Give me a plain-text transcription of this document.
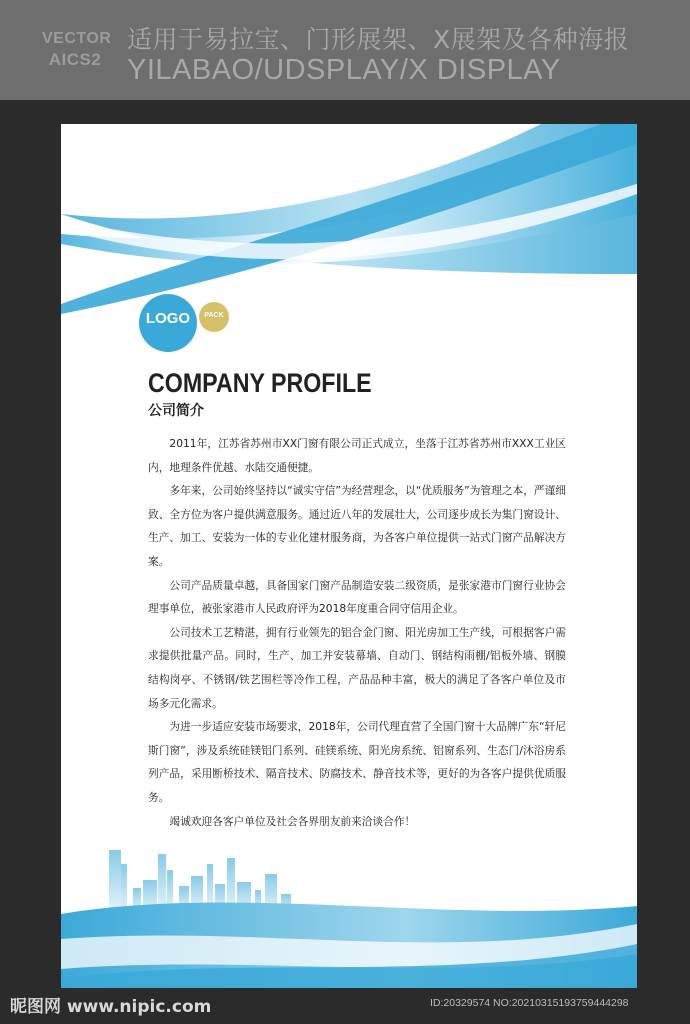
VECTOR
AICS2
适用于易拉宝、门形展架、X展架及各种海报
YILABAO/UDSPLAY/X DISPLAY
LOGO	PACK
COMPANY PROFILE
公司简介

2011年，江苏省苏州市XX门窗有限公司正式成立，坐落于江苏省苏州市XXX工业区内，地理条件优越、水陆交通便捷。

多年来，公司始终坚持以“诚实守信”为经营理念，以“优质服务”为管理之本，严谨细致、全方位为客户提供满意服务。通过近八年的发展壮大，公司逐步成长为集门窗设计、生产、加工、安装为一体的专业化建材服务商，为各客户单位提供一站式门窗产品解决方案。

公司产品质量卓越，具备国家门窗产品制造安装二级资质，是张家港市门窗行业协会理事单位，被张家港市人民政府评为2018年度重合同守信用企业。

公司技术工艺精湛，拥有行业领先的铝合金门窗、阳光房加工生产线，可根据客户需求提供批量产品。同时，生产、加工并安装幕墙、自动门、钢结构雨棚/铝板外墙、钢膜结构岗亭、不锈钢/铁艺围栏等冷作工程，产品品种丰富，极大的满足了各客户单位及市场多元化需求。

为进一步适应安装市场要求，2018年，公司代理直营了全国门窗十大品牌广东“轩尼斯门窗”，涉及系统硅镁铝门系列、硅镁系统、阳光房系统、铝窗系列、生态门/沐浴房系列产品，采用断桥技术、隔音技术、防腐技术、静音技术等，更好的为各客户提供优质服务。

竭诚欢迎各客户单位及社会各界朋友前来洽谈合作！

昵图网 www.nipic.com	ID:20329574 NO:20210315193759444298
